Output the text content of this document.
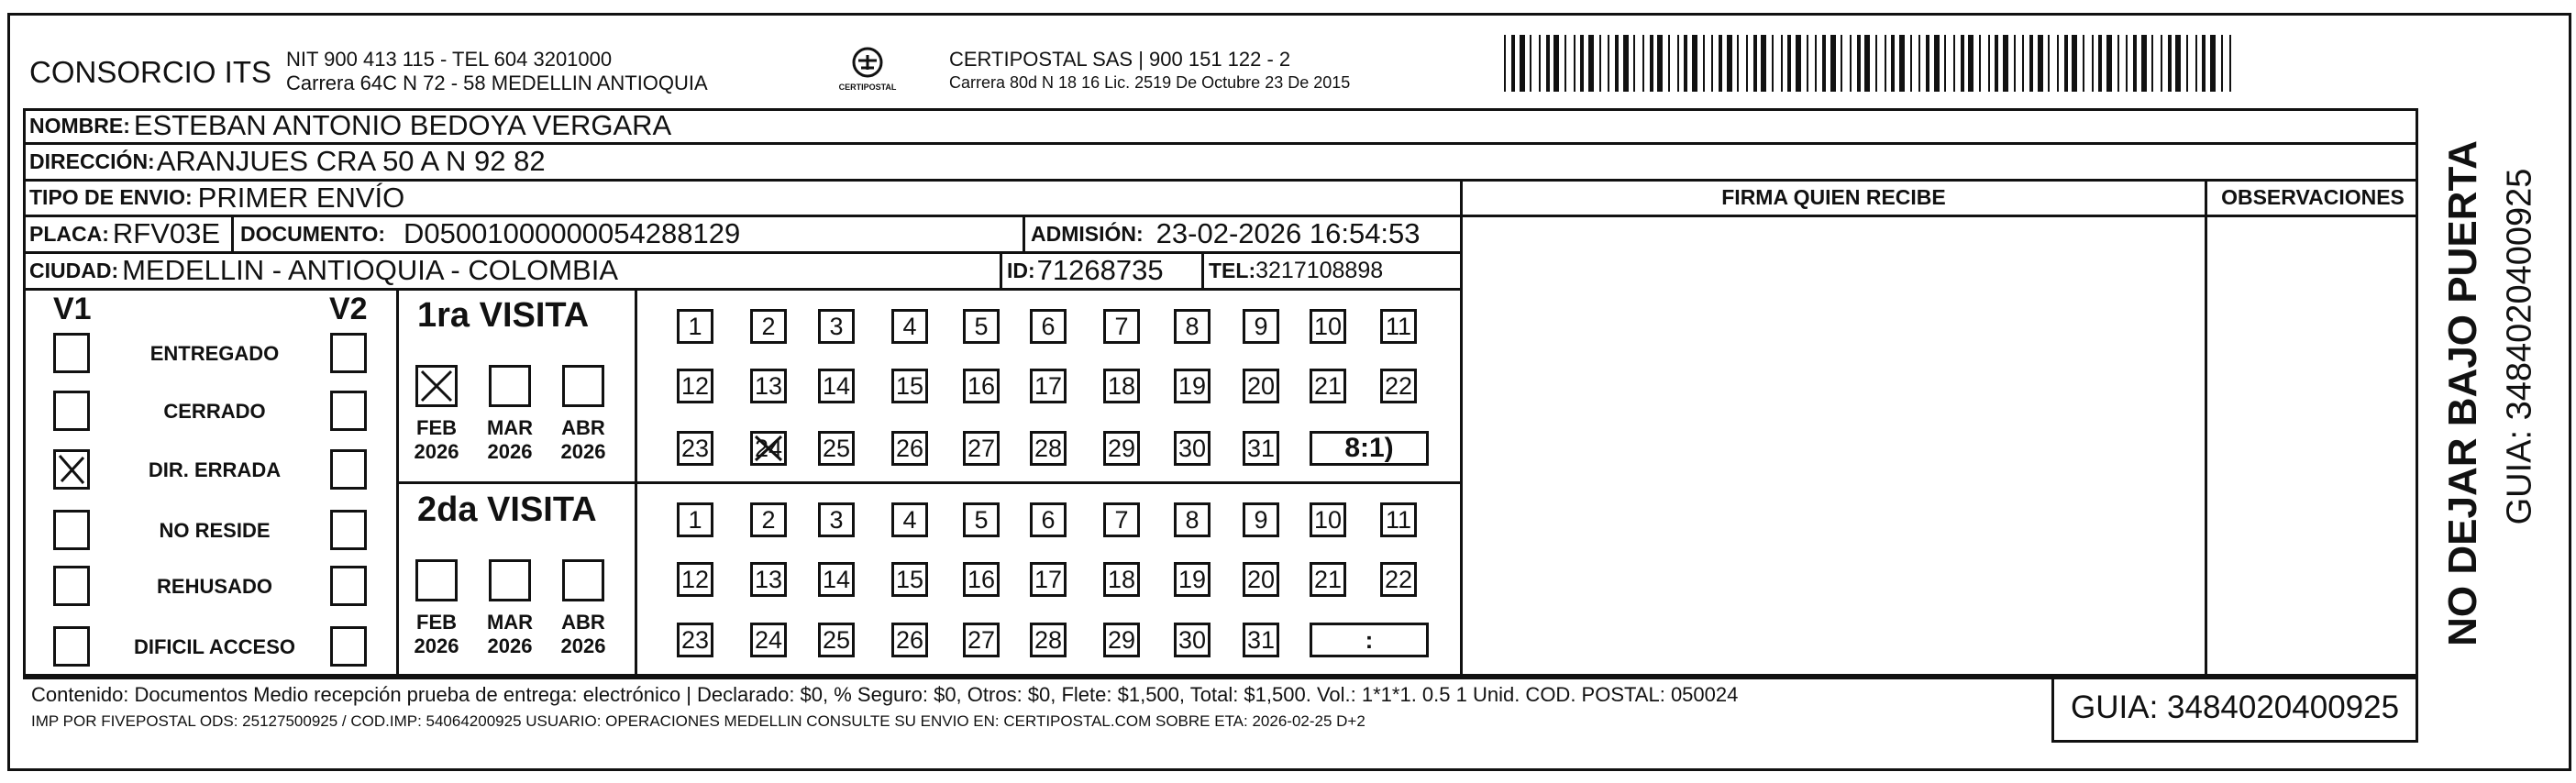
CONSORCIO ITS NIT 900 413 115 - TEL 604 3201000
Carrera 64C N 72 - 58 MEDELLIN ANTIOQUIA	CERTIPOSTAL
CERTIPOSTAL SAS | 900 151 122 - 2
Carrera 80d N 18 16 Lic. 2519 De Octubre 23 De 2015
NOMBRE: ESTEBAN ANTONIO BEDOYA VERGARA
DIRECCIÓN: ARANJUES CRA 50 A N 92 82
TIPO DE ENVIO: PRIMER ENVÍO	FIRMA QUIEN RECIBE	OBSERVACIONES
PLACA: RFV03E DOCUMENTO: D05001000000054288129	ADMISIÓN: 23-02-2026 16:54:53
CIUDAD: MEDELLIN - ANTIOQUIA - COLOMBIA	ID: 71268735 TEL: 3217108898
V1	V2
ENTREGADO
CERRADO
DIR. ERRADA
NO RESIDE
REHUSADO
DIFICIL ACCESO
1ra VISITA
2da VISITA
FEB
2026
MAR
2026
ABR
2026
FEB
2026
MAR
2026
ABR
2026
1 2 3 4 5 6 7 8 9 10 11
12 13 14 15 16 17 18 19 20 21 22
23 24 25 26 27 28 29 30 31	8:1)
1 2 3 4 5 6 7 8 9 10 11
12 13 14 15 16 17 18 19 20 21 22
23 24 25 26 27 28 29 30 31	:
Contenido: Documentos Medio recepción prueba de entrega: electrónico | Declarado: $0, % Seguro: $0, Otros: $0, Flete: $1,500, Total: $1,500. Vol.: 1*1*1. 0.5 1 Unid. COD. POSTAL: 050024
IMP POR FIVEPOSTAL ODS: 25127500925 / COD.IMP: 54064200925 USUARIO: OPERACIONES MEDELLIN CONSULTE SU ENVIO EN: CERTIPOSTAL.COM SOBRE ETA: 2026-02-25 D+2	GUIA: 3484020400925
NO DEJAR BAJO PUERTA GUIA: 3484020400925
